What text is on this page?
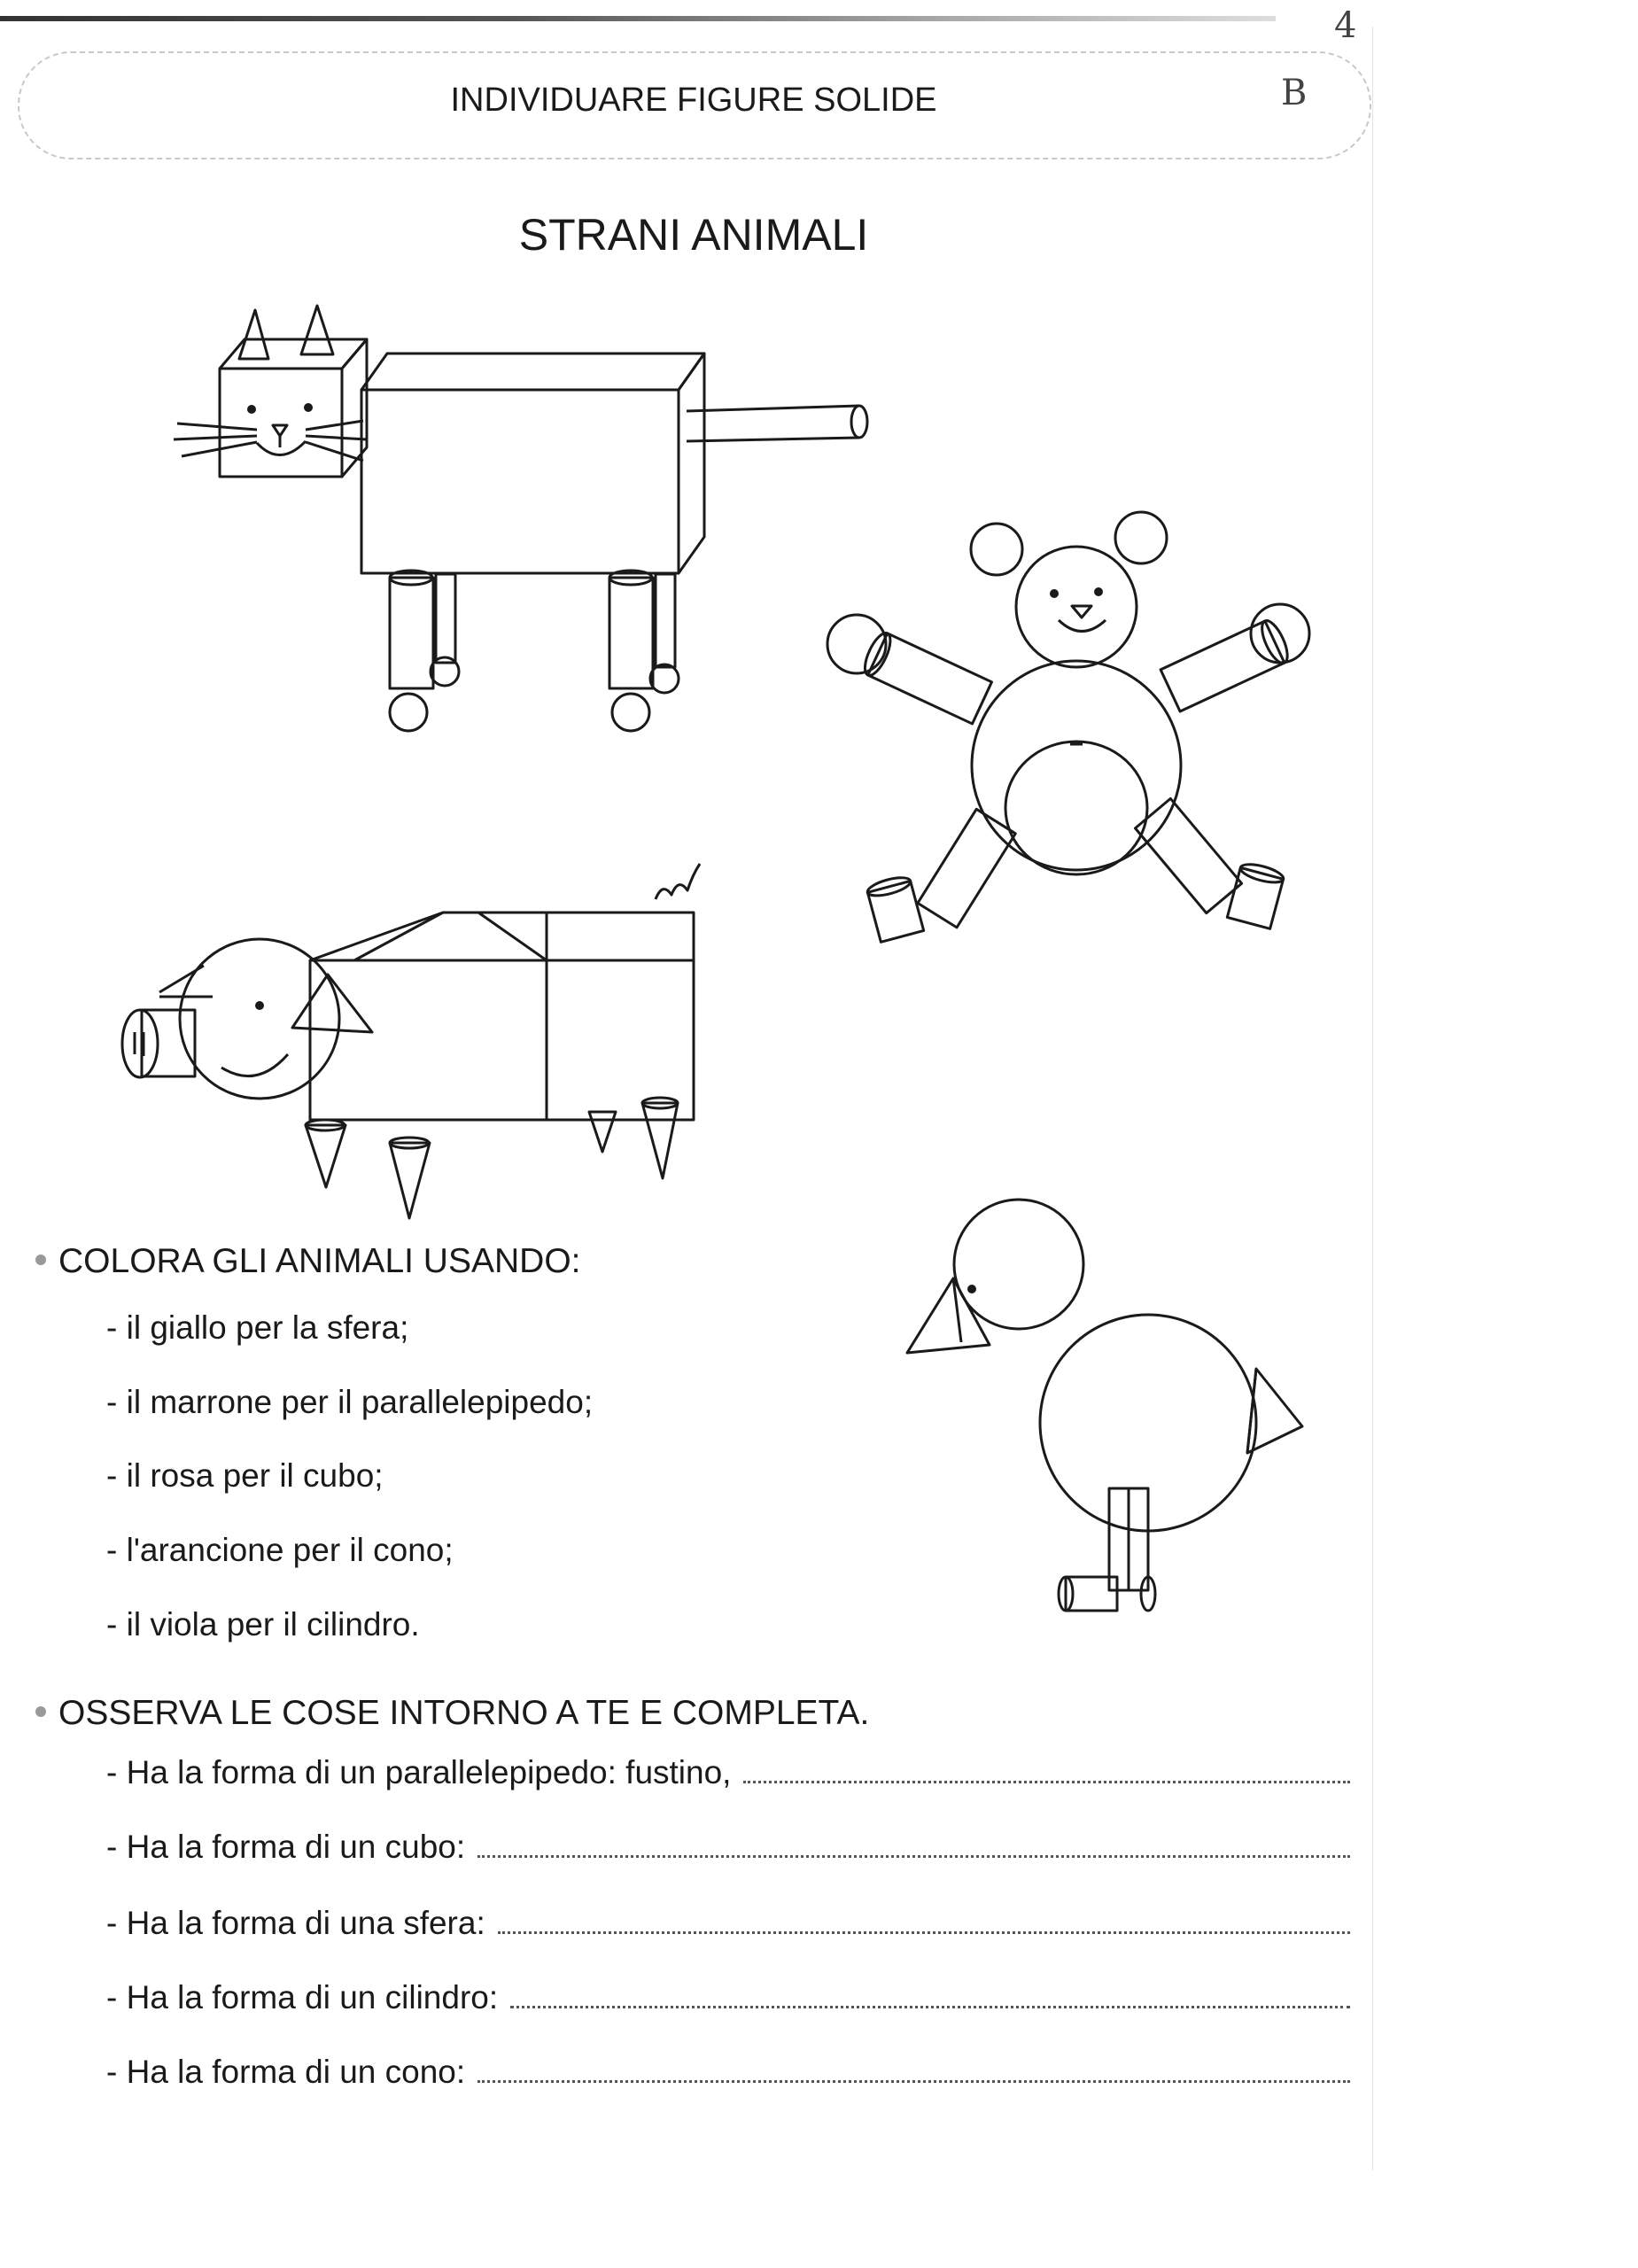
INDIVIDUARE FIGURE SOLIDE
4
B
STRANI ANIMALI
COLORA GLI ANIMALI USANDO:
- il giallo per la sfera;
- il marrone per il parallelepipedo;
- il rosa per il cubo;
- l'arancione per il cono;
- il viola per il cilindro.
OSSERVA LE COSE INTORNO A TE E COMPLETA.
- Ha la forma di un parallelepipedo: fustino,
- Ha la forma di un cubo:
- Ha la forma di una sfera:
- Ha la forma di un cilindro:
- Ha la forma di un cono:
